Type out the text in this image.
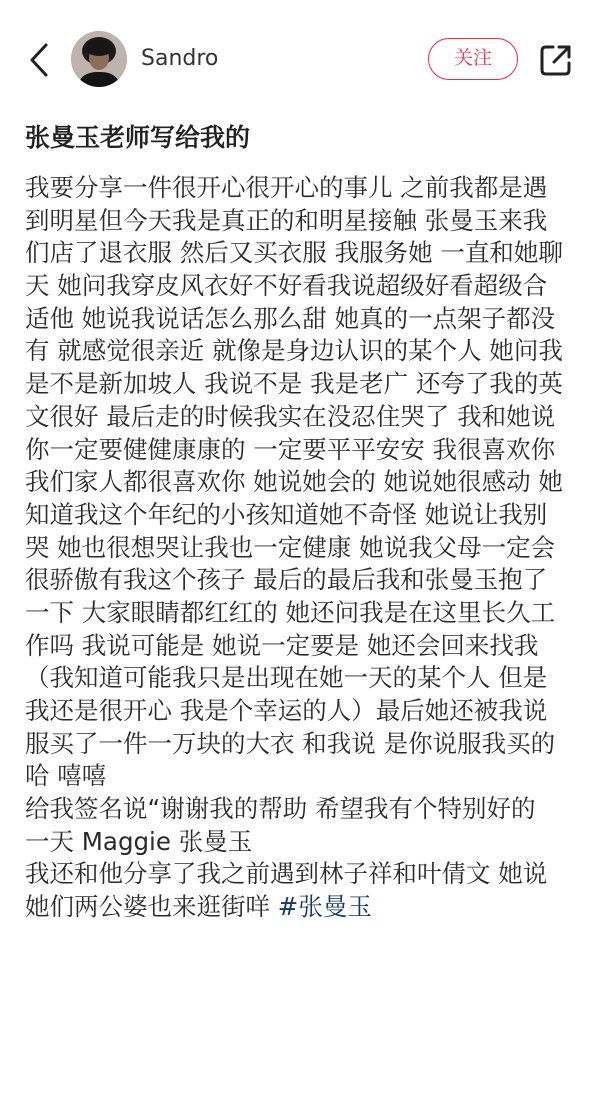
Sandro	关注
张曼玉老师写给我的
我要分享一件很开心很开心的事儿 之前我都是遇
到明星但今天我是真正的和明星接触 张曼玉来我
们店了退衣服 然后又买衣服 我服务她 一直和她聊
天 她问我穿皮风衣好不好看我说超级好看超级合
适他 她说我说话怎么那么甜 她真的一点架子都没
有 就感觉很亲近 就像是身边认识的某个人 她问我
是不是新加坡人 我说不是 我是老广 还夸了我的英
文很好 最后走的时候我实在没忍住哭了 我和她说
你一定要健健康康的 一定要平平安安 我很喜欢你
我们家人都很喜欢你 她说她会的 她说她很感动 她
知道我这个年纪的小孩知道她不奇怪 她说让我别
哭 她也很想哭让我也一定健康 她说我父母一定会
很骄傲有我这个孩子 最后的最后我和张曼玉抱了
一下 大家眼睛都红红的 她还问我是在这里长久工
作吗 我说可能是 她说一定要是 她还会回来找我
（我知道可能我只是出现在她一天的某个人 但是
我还是很开心 我是个幸运的人）最后她还被我说
服买了一件一万块的大衣 和我说 是你说服我买的
哈 嘻嘻
给我签名说“谢谢我的帮助 希望我有个特别好的
一天 Maggie 张曼玉
我还和他分享了我之前遇到林子祥和叶倩文 她说
她们两公婆也来逛街咩 #张曼玉
